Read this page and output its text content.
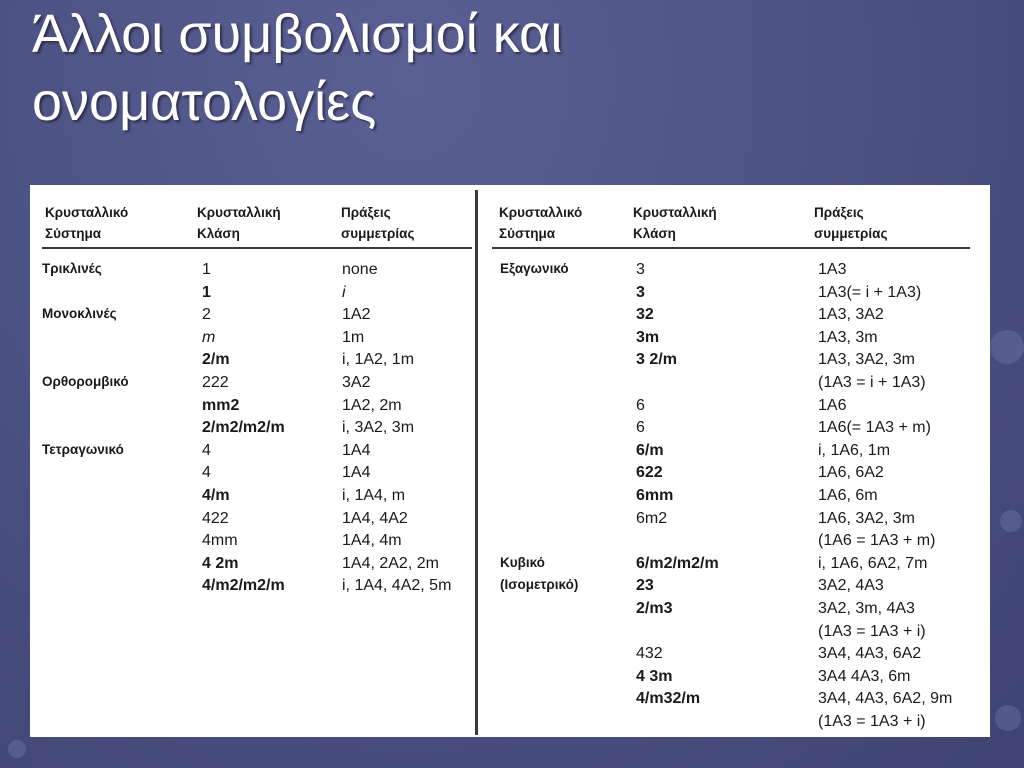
Άλλοι συμβολισμοί και ονοματολογίες
Κρυσταλλικό
Σύστημα
Κρυσταλλική
Κλάση
Πράξεις
συμμετρίας
Κρυσταλλικό
Σύστημα
Κρυσταλλική
Κλάση
Πράξεις
συμμετρίας
Τρικλινές
Μονοκλινές
Ορθορομβικό
Τετραγωνικό
1
1
2
m
2/m
222
mm2
2/m2/m2/m
4
4
4/m
422
4mm
4 2m
4/m2/m2/m
none
i
1A2
1m
i, 1A2, 1m
3A2
1A2, 2m
i, 3A2, 3m
1A4
1A4
i, 1A4, m
1A4, 4A2
1A4, 4m
1A4, 2A2, 2m
i, 1A4, 4A2, 5m
Εξαγωνικό
Κυβικό
(Ισομετρικό)
3
3
32
3m
3 2/m
6
6
6/m
622
6mm
6m2
6/m2/m2/m
23
2/m3
432
4 3m
4/m32/m
1A3
1A3(= i + 1A3)
1A3, 3A2
1A3, 3m
1A3, 3A2, 3m
(1A3 = i + 1A3)
1A6
1A6(= 1A3 + m)
i, 1A6, 1m
1A6, 6A2
1A6, 6m
1A6, 3A2, 3m
(1A6 = 1A3 + m)
i, 1A6, 6A2, 7m
3A2, 4A3
3A2, 3m, 4A3
(1A3 = 1A3 + i)
3A4, 4A3, 6A2
3A4 4A3, 6m
3A4, 4A3, 6A2, 9m
(1A3 = 1A3 + i)
